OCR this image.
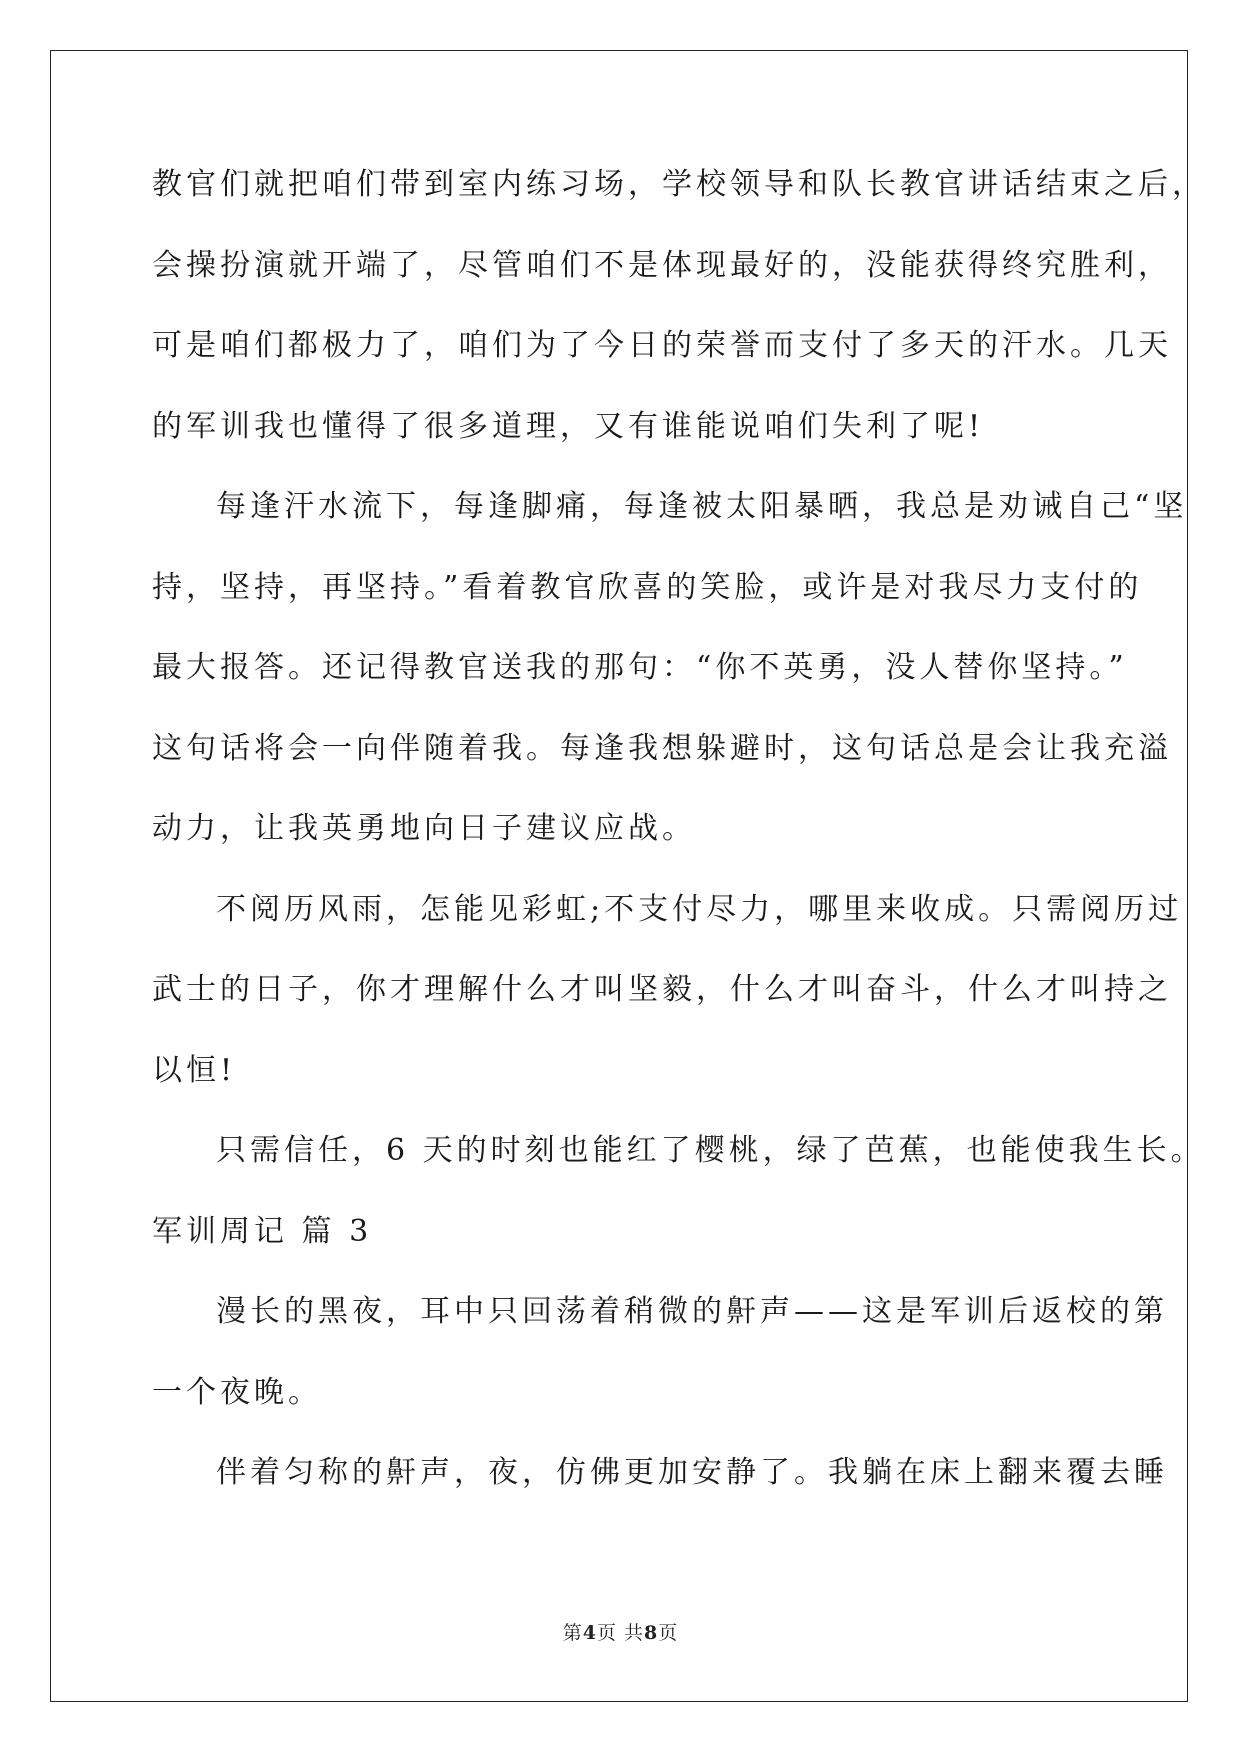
教官们就把咱们带到室内练习场，学校领导和队长教官讲话结束之后，
会操扮演就开端了，尽管咱们不是体现最好的，没能获得终究胜利，
可是咱们都极力了，咱们为了今日的荣誉而支付了多天的汗水。几天
的军训我也懂得了很多道理，又有谁能说咱们失利了呢!
每逢汗水流下，每逢脚痛，每逢被太阳暴晒，我总是劝诫自己“坚
持，坚持，再坚持。”看着教官欣喜的笑脸，或许是对我尽力支付的
最大报答。还记得教官送我的那句：“你不英勇，没人替你坚持。”
这句话将会一向伴随着我。每逢我想躲避时，这句话总是会让我充溢
动力，让我英勇地向日子建议应战。
不阅历风雨，怎能见彩虹;不支付尽力，哪里来收成。只需阅历过
武士的日子，你才理解什么才叫坚毅，什么才叫奋斗，什么才叫持之
以恒!
只需信任，6 天的时刻也能红了樱桃，绿了芭蕉，也能使我生长。
军训周记 篇 3
漫长的黑夜，耳中只回荡着稍微的鼾声——这是军训后返校的第
一个夜晚。
伴着匀称的鼾声，夜，仿佛更加安静了。我躺在床上翻来覆去睡
第4页 共8页
